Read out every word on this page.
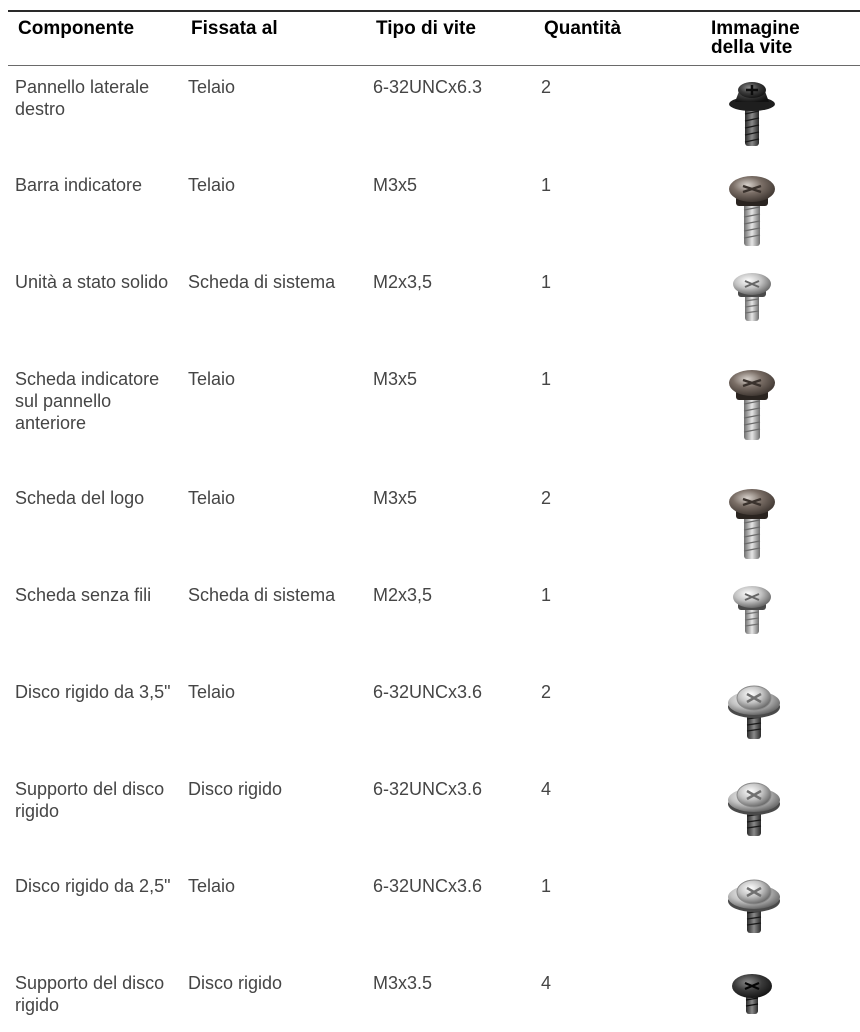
Componente	Fissata al	Tipo di vite	Quantità	Immagine
della vite
Pannello laterale destro	Telaio	6-32UNCx6.3	2	

Barra indicatore	Telaio	M3x5	1	

Unità a stato solido	Scheda di sistema	M2x3,5	1	

Scheda indicatore sul pannello anteriore	Telaio	M3x5	1	

Scheda del logo	Telaio	M3x5	2	

Scheda senza fili	Scheda di sistema	M2x3,5	1	

Disco rigido da 3,5"	Telaio	6-32UNCx3.6	2	

Supporto del disco rigido	Disco rigido	6-32UNCx3.6	4	

Disco rigido da 2,5"	Telaio	6-32UNCx3.6	1	

Supporto del disco rigido	Disco rigido	M3x3.5	4	
